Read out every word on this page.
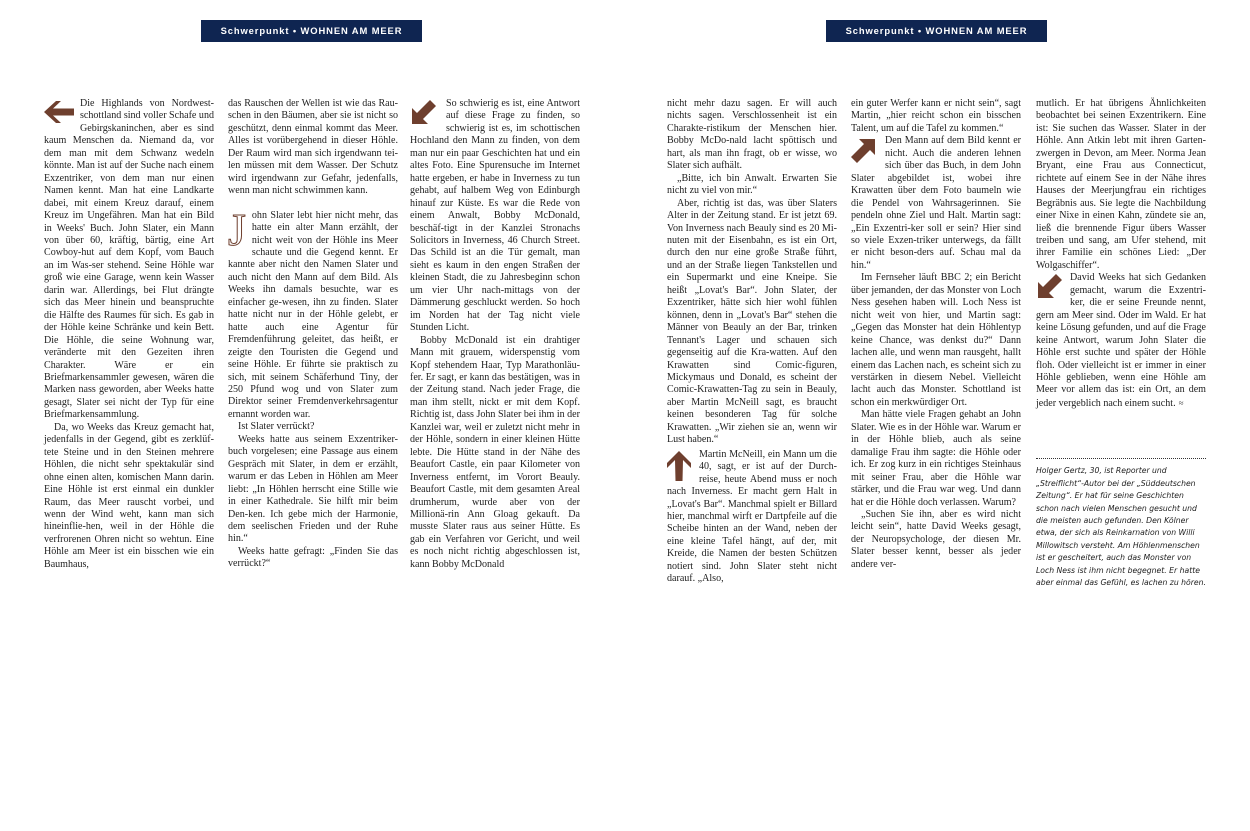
Schwerpunkt • WOHNEN AM MEER

Die Highlands von Nordwest-schottland sind voller Schafe und Gebirgskaninchen, aber es sind kaum Menschen da. Niemand da, vor dem man mit dem Schwanz wedeln könnte. Man ist auf der Suche nach einem Exzentriker, von dem man nur einen Namen kennt. Man hat eine Landkarte dabei, mit einem Kreuz darauf, einem Kreuz im Ungefähren. Man hat ein Bild in Weeks' Buch. John Slater, ein Mann von über 60, kräftig, bärtig, eine Art Cowboy-hut auf dem Kopf, vom Bauch an im Was-ser stehend. Seine Höhle war groß wie eine Garage, wenn kein Wasser darin war. Allerdings, bei Flut drängte sich das Meer hinein und beanspruchte die Hälfte des Raumes für sich. Es gab in der Höhle keine Schränke und kein Bett. Die Höhle, die seine Wohnung war, veränderte mit den Gezeiten ihren Charakter. Wäre er ein Briefmarkensammler gewesen, wären die Marken nass geworden, aber Weeks hatte gesagt, Slater sei nicht der Typ für eine Briefmarkensammlung.

Da, wo Weeks das Kreuz gemacht hat, jedenfalls in der Gegend, gibt es zerklüf-tete Steine und in den Steinen mehrere Höhlen, die nicht sehr spektakulär sind ohne einen alten, komischen Mann darin. Eine Höhle ist erst einmal ein dunkler Raum, das Meer rauscht vorbei, und wenn der Wind weht, kann man sich hineinflie-hen, weil in der Höhle die verfrorenen Ohren nicht so wehtun. Eine Höhle am Meer ist ein bisschen wie ein Baumhaus,

das Rauschen der Wellen ist wie das Rau-schen in den Bäumen, aber sie ist nicht so geschützt, denn einmal kommt das Meer. Alles ist vorübergehend in dieser Höhle. Der Raum wird man sich irgendwann tei-len müssen mit dem Wasser. Der Schutz wird irgendwann zur Gefahr, jedenfalls, wenn man nicht schwimmen kann.

J ohn Slater lebt hier nicht mehr, das hatte ein alter Mann erzählt, der nicht weit von der Höhle ins Meer schaute und die Gegend kennt. Er kannte aber nicht den Namen Slater und auch nicht den Mann auf dem Bild. Als Weeks ihn damals besuchte, war es einfacher ge-wesen, ihn zu finden. Slater hatte nicht nur in der Höhle gelebt, er hatte auch eine Agentur für Fremdenführung geleitet, das heißt, er zeigte den Touristen die Gegend und seine Höhle. Er führte sie praktisch zu sich, mit seinem Schäferhund Tiny, der 250 Pfund wog und von Slater zum Direktor seiner Fremdenverkehrsagentur ernannt worden war.

Ist Slater verrückt?

Weeks hatte aus seinem Exzentriker-buch vorgelesen; eine Passage aus einem Gespräch mit Slater, in dem er erzählt, warum er das Leben in Höhlen am Meer liebt: „In Höhlen herrscht eine Stille wie in einer Kathedrale. Sie hilft mir beim Den-ken. Ich gebe mich der Harmonie, dem seelischen Frieden und der Ruhe hin.“

Weeks hatte gefragt: „Finden Sie das verrückt?“

So schwierig es ist, eine Antwort auf diese Frage zu finden, so schwierig ist es, im schottischen Hochland den Mann zu finden, von dem man nur ein paar Geschichten hat und ein altes Foto. Eine Spurensuche im Internet hatte ergeben, er habe in Inverness zu tun gehabt, auf halbem Weg von Edinburgh hinauf zur Küste. Es war die Rede von einem Anwalt, Bobby McDonald, beschäf-tigt in der Kanzlei Stronachs Solicitors in Inverness, 46 Church Street. Das Schild ist an die Tür gemalt, man sieht es kaum in den engen Straßen der kleinen Stadt, die zu Jahresbeginn schon um vier Uhr nach-mittags von der Dämmerung geschluckt werden. So hoch im Norden hat der Tag nicht viele Stunden Licht.

Bobby McDonald ist ein drahtiger Mann mit grauem, widerspenstig vom Kopf stehendem Haar, Typ Marathonläu-fer. Er sagt, er kann das bestätigen, was in der Zeitung stand. Nach jeder Frage, die man ihm stellt, nickt er mit dem Kopf. Richtig ist, dass John Slater bei ihm in der Kanzlei war, weil er zuletzt nicht mehr in der Höhle, sondern in einer kleinen Hütte lebte. Die Hütte stand in der Nähe des Beaufort Castle, ein paar Kilometer von Inverness entfernt, im Vorort Beauly. Beaufort Castle, mit dem gesamten Areal drumherum, wurde aber von der Millionä-rin Ann Gloag gekauft. Da musste Slater raus aus seiner Hütte. Es gab ein Verfahren vor Gericht, und weil es noch nicht richtig abgeschlossen ist, kann Bobby McDonald

Schwerpunkt • WOHNEN AM MEER

nicht mehr dazu sagen. Er will auch nichts sagen. Verschlossenheit ist ein Charakte-ristikum der Menschen hier. Bobby McDo-nald lacht spöttisch und hart, als man ihn fragt, ob er wisse, wo Slater sich aufhält.

„Bitte, ich bin Anwalt. Erwarten Sie nicht zu viel von mir.“

Aber, richtig ist das, was über Slaters Alter in der Zeitung stand. Er ist jetzt 69. Von Inverness nach Beauly sind es 20 Mi-nuten mit der Eisenbahn, es ist ein Ort, durch den nur eine große Straße führt, und an der Straße liegen Tankstellen und ein Supermarkt und eine Kneipe. Sie heißt „Lovat's Bar“. John Slater, der Exzentriker, hätte sich hier wohl fühlen können, denn in „Lovat's Bar“ stehen die Männer von Beauly an der Bar, trinken Tennant's Lager und schauen sich gegenseitig auf die Kra-watten. Auf den Krawatten sind Comic-figuren, Mickymaus und Donald, es scheint der Comic-Krawatten-Tag zu sein in Beauly, aber Martin McNeill sagt, es braucht keinen besonderen Tag für solche Krawatten. „Wir ziehen sie an, wenn wir Lust haben.“

Martin McNeill, ein Mann um die 40, sagt, er ist auf der Durch-reise, heute Abend muss er noch nach Inverness. Er macht gern Halt in „Lovat's Bar“. Manchmal spielt er Billard hier, manchmal wirft er Dartpfeile auf die Scheibe hinten an der Wand, neben der eine kleine Tafel hängt, auf der, mit Kreide, die Namen der besten Schützen notiert sind. John Slater steht nicht darauf. „Also,

ein guter Werfer kann er nicht sein“, sagt Martin, „hier reicht schon ein bisschen Talent, um auf die Tafel zu kommen.“

Den Mann auf dem Bild kennt er nicht. Auch die anderen lehnen sich über das Buch, in dem John Slater abgebildet ist, wobei ihre Krawatten über dem Foto baumeln wie die Pendel von Wahrsagerinnen. Sie pendeln ohne Ziel und Halt. Martin sagt: „Ein Exzentri-ker soll er sein? Hier sind so viele Exzen-triker unterwegs, da fällt er nicht beson-ders auf. Schau mal da hin.“

Im Fernseher läuft BBC 2; ein Bericht über jemanden, der das Monster von Loch Ness gesehen haben will. Loch Ness ist nicht weit von hier, und Martin sagt: „Gegen das Monster hat dein Höhlentyp keine Chance, was denkst du?“ Dann lachen alle, und wenn man rausgeht, hallt einem das Lachen nach, es scheint sich zu verstärken in diesem Nebel. Vielleicht lacht auch das Monster. Schottland ist schon ein merkwürdiger Ort.

Man hätte viele Fragen gehabt an John Slater. Wie es in der Höhle war. Warum er in der Höhle blieb, auch als seine damalige Frau ihm sagte: die Höhle oder ich. Er zog kurz in ein richtiges Steinhaus mit seiner Frau, aber die Höhle war stärker, und die Frau war weg. Und dann hat er die Höhle doch verlassen. Warum?

„Suchen Sie ihn, aber es wird nicht leicht sein“, hatte David Weeks gesagt, der Neuropsychologe, der diesen Mr. Slater besser kennt, besser als jeder andere ver-

mutlich. Er hat übrigens Ähnlichkeiten beobachtet bei seinen Exzentrikern. Eine ist: Sie suchen das Wasser. Slater in der Höhle. Ann Atkin lebt mit ihren Garten-zwergen in Devon, am Meer. Norma Jean Bryant, eine Frau aus Connecticut, richtete auf einem See in der Nähe ihres Hauses der Meerjungfrau ein richtiges Begräbnis aus. Sie legte die Nachbildung einer Nixe in einen Kahn, zündete sie an, ließ die brennende Figur übers Wasser treiben und sang, am Ufer stehend, mit ihrer Familie ein schönes Lied: „Der Wolgaschiffer“.

David Weeks hat sich Gedanken gemacht, warum die Exzentri-ker, die er seine Freunde nennt, gern am Meer sind. Oder im Wald. Er hat keine Lösung gefunden, und auf die Frage keine Antwort, warum John Slater die Höhle erst suchte und später der Höhle floh. Oder vielleicht ist er immer in einer Höhle geblieben, wenn eine Höhle am Meer vor allem das ist: ein Ort, an dem jeder vergeblich nach einem sucht. ≈

Holger Gertz, 30, ist Reporter und „Streiflicht“-Autor bei der „Süddeutschen Zeitung“. Er hat für seine Geschichten schon nach vielen Menschen gesucht und die meisten auch gefunden. Den Kölner etwa, der sich als Reinkarnation von Willi Millowitsch versteht. Am Höhlenmenschen ist er gescheitert, auch das Monster von Loch Ness ist ihm nicht begegnet. Er hatte aber einmal das Gefühl, es lachen zu hören.
